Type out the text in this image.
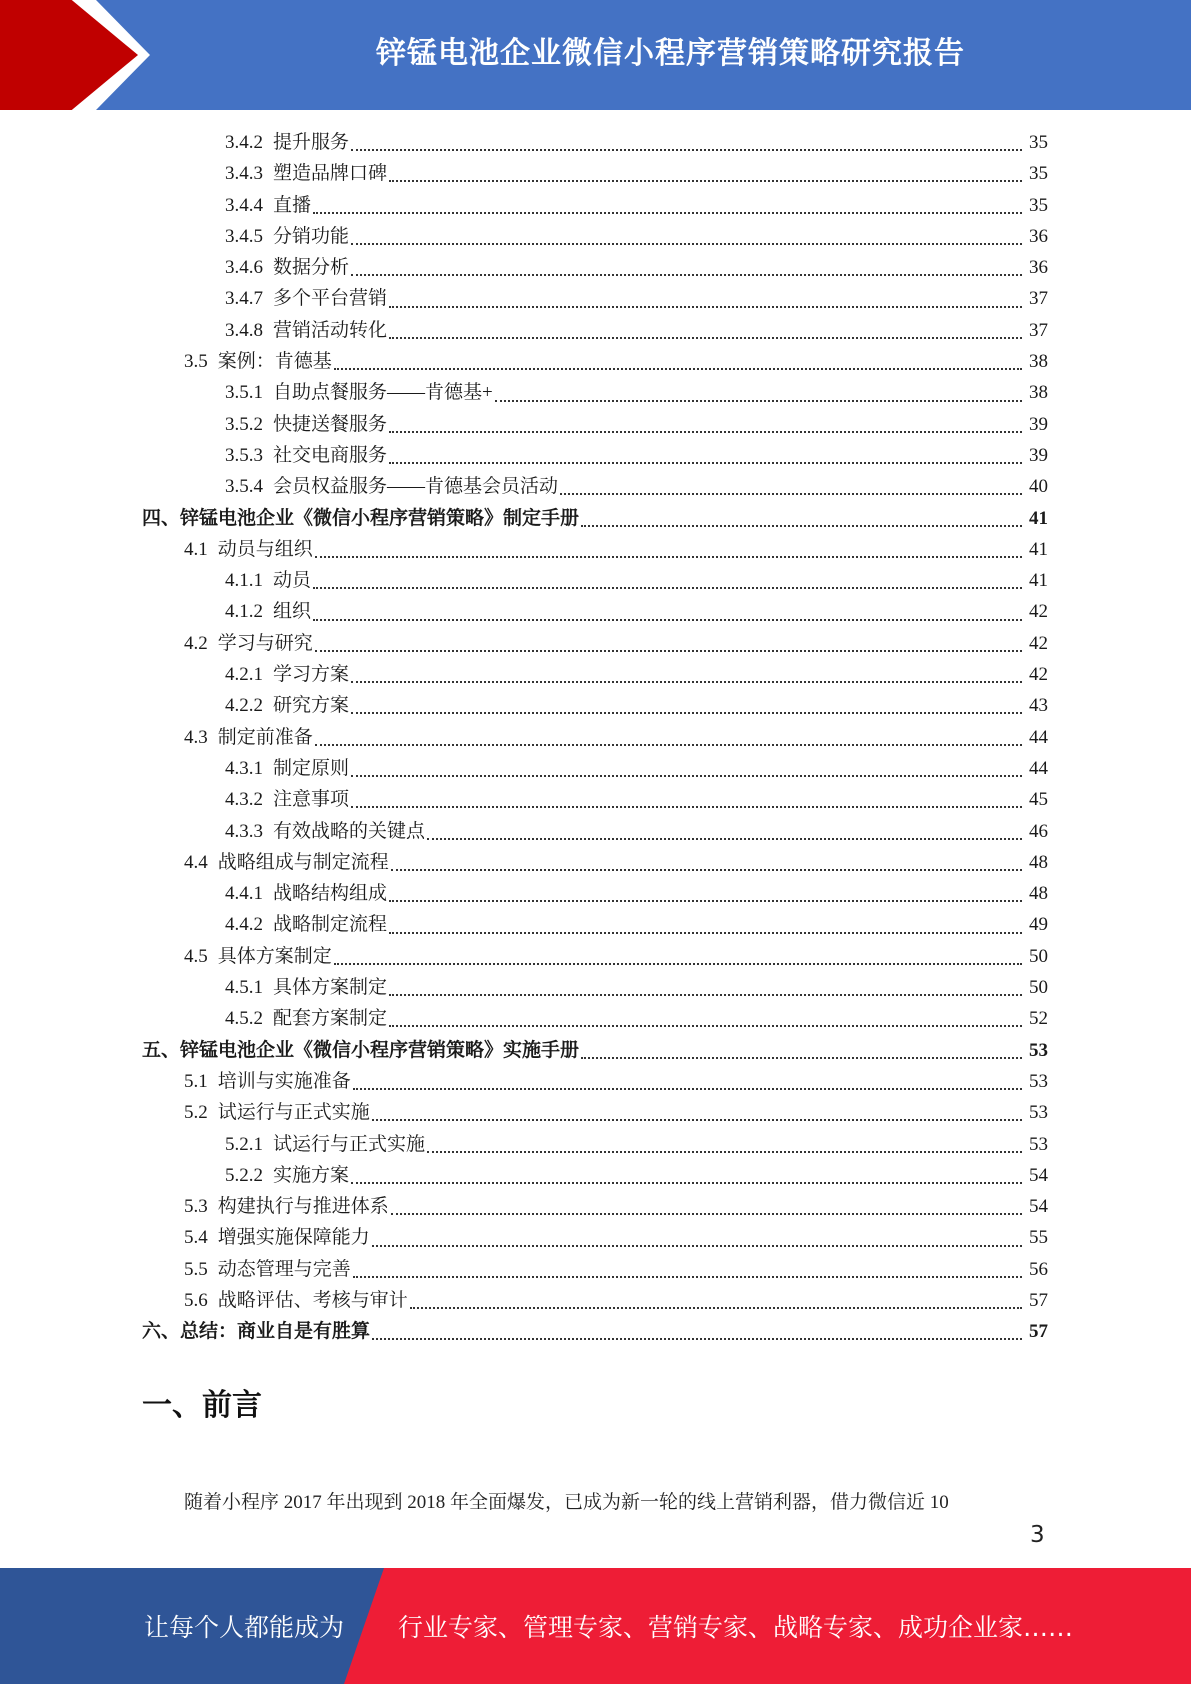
锌锰电池企业微信小程序营销策略研究报告
3.4.2 提升服务	35
3.4.3 塑造品牌口碑	35
3.4.4 直播	35
3.4.5 分销功能	36
3.4.6 数据分析	36
3.4.7 多个平台营销	37
3.4.8 营销活动转化	37
3.5 案例：肯德基	38
3.5.1 自助点餐服务——肯德基+	38
3.5.2 快捷送餐服务	39
3.5.3 社交电商服务	39
3.5.4 会员权益服务——肯德基会员活动	40
四、锌锰电池企业《微信小程序营销策略》制定手册	41
4.1 动员与组织	41
4.1.1 动员	41
4.1.2 组织	42
4.2 学习与研究	42
4.2.1 学习方案	42
4.2.2 研究方案	43
4.3 制定前准备	44
4.3.1 制定原则	44
4.3.2 注意事项	45
4.3.3 有效战略的关键点	46
4.4 战略组成与制定流程	48
4.4.1 战略结构组成	48
4.4.2 战略制定流程	49
4.5 具体方案制定	50
4.5.1 具体方案制定	50
4.5.2 配套方案制定	52
五、锌锰电池企业《微信小程序营销策略》实施手册	53
5.1 培训与实施准备	53
5.2 试运行与正式实施	53
5.2.1 试运行与正式实施	53
5.2.2 实施方案	54
5.3 构建执行与推进体系	54
5.4 增强实施保障能力	55
5.5 动态管理与完善	56
5.6 战略评估、考核与审计	57
六、总结：商业自是有胜算	57
一、前言
随着小程序 2017 年出现到 2018 年全面爆发，已成为新一轮的线上营销利器，借力微信近 10
3
让每个人都能成为 行业专家、管理专家、营销专家、战略专家、成功企业家……
